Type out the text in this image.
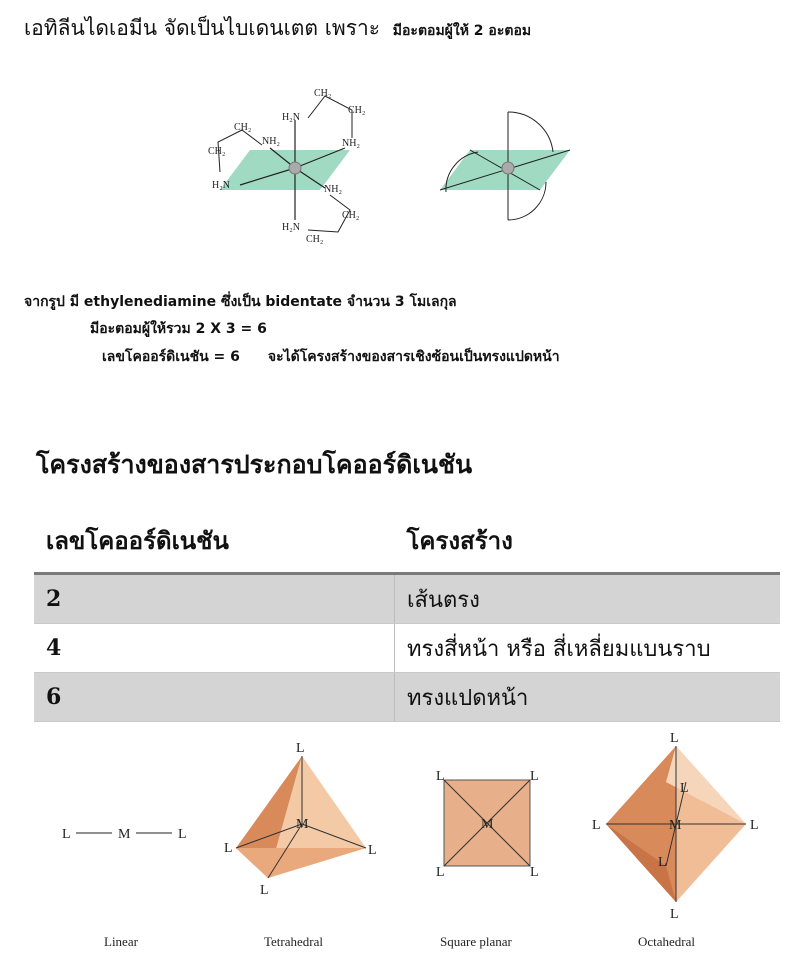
เอทิลีนไดเอมีน จัดเป็นไบเดนเตต เพราะ มีอะตอมผู้ให้ 2 อะตอม
CH₂
CH₂
CH₂
CH₂
CH₂
CH₂
H₂N
H₂N
H₂N
NH₂	NH₂
NH₂
จากรูป มี ethylenediamine ซึ่งเป็น bidentate จำนวน 3 โมเลกุล
มีอะตอมผู้ให้รวม 2 X 3 = 6
เลขโคออร์ดิเนชัน = 6 จะได้โครงสร้างของสารเชิงซ้อนเป็นทรงแปดหน้า
โครงสร้างของสารประกอบโคออร์ดิเนชัน
เลขโคออร์ดิเนชัน	โครงสร้าง
2	เส้นตรง
4	ทรงสี่หน้า หรือ สี่เหลี่ยมแบนราบ
6	ทรงแปดหน้า
L	M	L
Linear
L
L	L
L
M
Tetrahedral
L	L
L	L
M
Square planar
L
L	L
L
L
L
M
Octahedral
